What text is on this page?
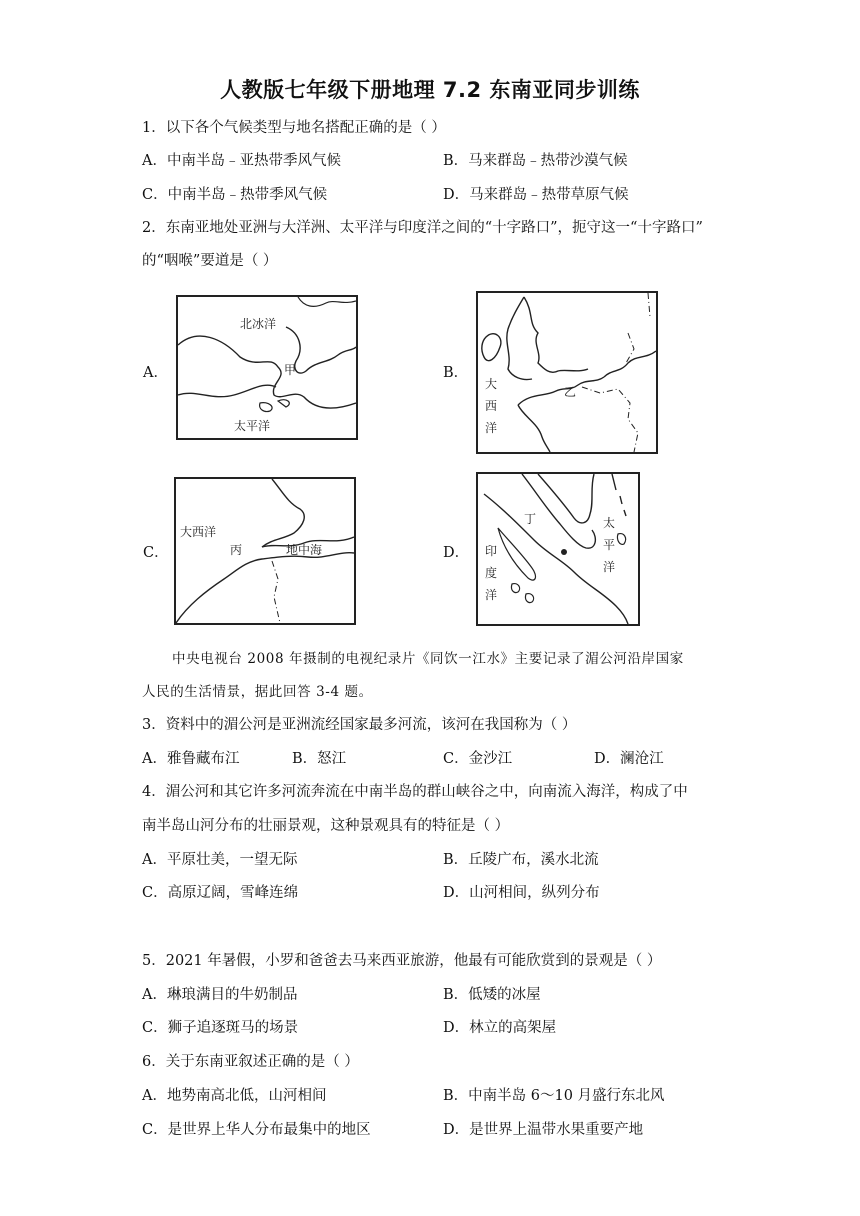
人教版七年级下册地理 7.2 东南亚同步训练
1．以下各个气候类型与地名搭配正确的是（ ）
A．中南半岛﹣亚热带季风气候	B．马来群岛﹣热带沙漠气候
C．中南半岛﹣热带季风气候	D．马来群岛﹣热带草原气候
2．东南亚地处亚洲与大洋洲、太平洋与印度洋之间的“十字路口”，扼守这一“十字路口”
的“咽喉”要道是（ ）
A．	B．
C．	D．
北冰洋
甲
太平洋
大西洋
乙
大西洋
丙	地中海
丁	太平洋
印度洋
中央电视台 2008 年摄制的电视纪录片《同饮一江水》主要记录了湄公河沿岸国家
人民的生活情景，据此回答 3-4 题。
3．资料中的湄公河是亚洲流经国家最多河流，该河在我国称为（ ）
A．雅鲁藏布江	B．怒江	C．金沙江	D．澜沧江
4．湄公河和其它许多河流奔流在中南半岛的群山峡谷之中，向南流入海洋，构成了中
南半岛山河分布的壮丽景观，这种景观具有的特征是（ ）
A．平原壮美，一望无际	B．丘陵广布，溪水北流
C．高原辽阔，雪峰连绵	D．山河相间，纵列分布
5．2021 年暑假，小罗和爸爸去马来西亚旅游，他最有可能欣赏到的景观是（ ）
A．琳琅满目的牛奶制品	B．低矮的冰屋
C．狮子追逐斑马的场景	D．林立的高架屋
6．关于东南亚叙述正确的是（ ）
A．地势南高北低，山河相间	B．中南半岛 6～10 月盛行东北风
C．是世界上华人分布最集中的地区	D．是世界上温带水果重要产地
